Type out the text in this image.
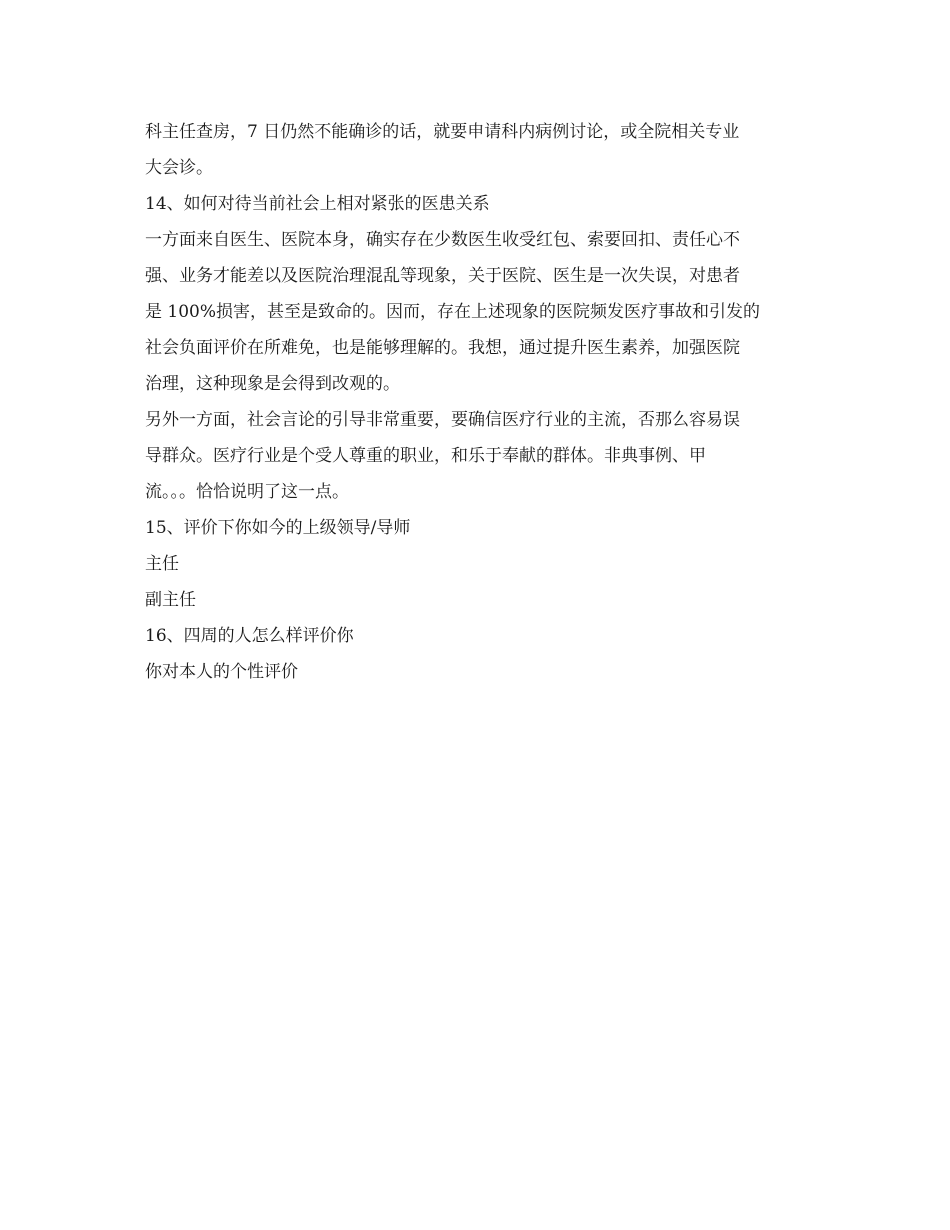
科主任查房，7 日仍然不能确诊的话，就要申请科内病例讨论，或全院相关专业
大会诊。
14、如何对待当前社会上相对紧张的医患关系
一方面来自医生、医院本身，确实存在少数医生收受红包、索要回扣、责任心不
强、业务才能差以及医院治理混乱等现象，关于医院、医生是一次失误，对患者
是 100%损害，甚至是致命的。因而，存在上述现象的医院频发医疗事故和引发的
社会负面评价在所难免，也是能够理解的。我想，通过提升医生素养，加强医院
治理，这种现象是会得到改观的。
另外一方面，社会言论的引导非常重要，要确信医疗行业的主流，否那么容易误
导群众。医疗行业是个受人尊重的职业，和乐于奉献的群体。非典事例、甲
流。。。恰恰说明了这一点。
15、评价下你如今的上级领导/导师
主任
副主任
16、四周的人怎么样评价你
你对本人的个性评价
